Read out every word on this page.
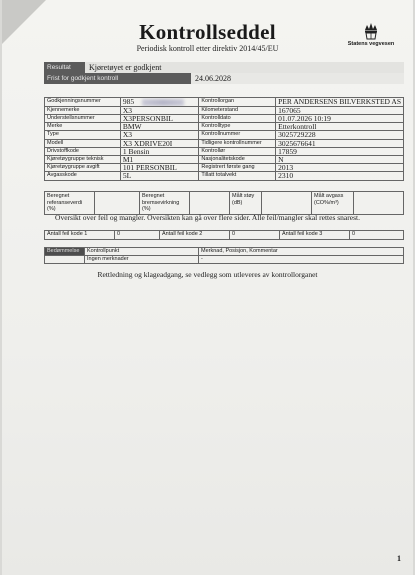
Kontrollseddel
Periodisk kontroll etter direktiv 2014/45/EU	Statens vegvesen
Resultat	Kjøretøyet er godkjent
Frist for godkjent kontroll	24.06.2028
Godkjenningsnummer	985	Kontrollorgan	PER ANDERSENS BILVERKSTED AS
Kjennemerke	X3	Kilometerstand	167065
Understellsnummer	X3PERSONBIL	Kontrolldato	01.07.2026 10:19
Merke	BMW	Kontrolltype	Etterkontroll
Type	X3	Kontrollnummer	3025729228
Modell	X3 XDRIVE20I	Tidligere kontrollnummer	3025676641
Drivstoffkode	1 Bensin	Kontrollør	17859
Kjøretøygruppe teknisk	M1	Nasjonalitetskode	N
Kjøretøygruppe avgift	101 PERSONBIL	Registrert første gang	2013
Avgasskode	5L	Tillatt totalvekt	2310
Beregnet referanseverdi (%)		Beregnet bremsevirkning (%)		Målt støy (dB)		Målt avgass (CO%/m³)	
Oversikt over feil og mangler. Oversikten kan gå over flere sider. Alle feil/mangler skal rettes snarest.
Antall feil kode 1	0	Antall feil kode 2	0	Antall feil kode 3	0
Bedømmelse	Kontrollpunkt	Merknad, Posisjon, Kommentar
	Ingen merknader	-
Rettledning og klageadgang, se vedlegg som utleveres av kontrollorganet
1
